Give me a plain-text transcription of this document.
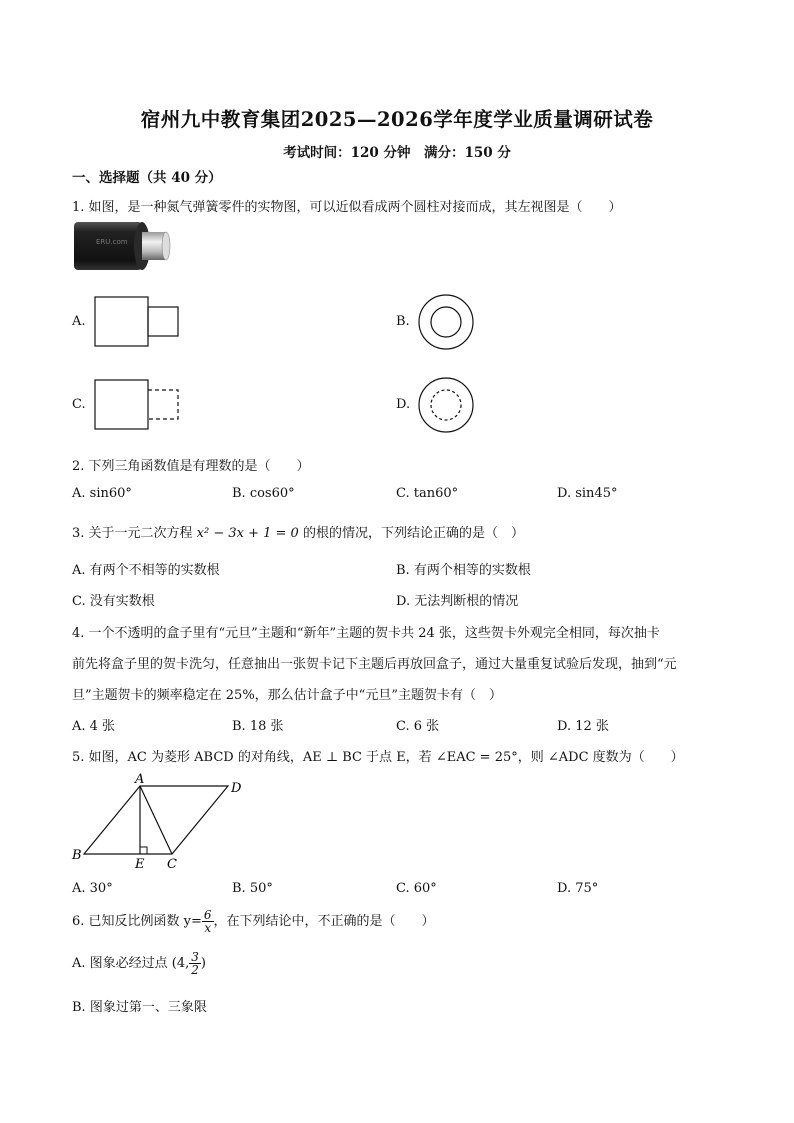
宿州九中教育集团2025—2026学年度学业质量调研试卷
考试时间：120 分钟　满分：150 分
一、选择题（共 40 分）
1. 如图，是一种氮气弹簧零件的实物图，可以近似看成两个圆柱对接而成，其左视图是（　　）
ERU.com
A.	B.
C.	D.
2. 下列三角函数值是有理数的是（　　）
A. sin60°	B. cos60°	C. tan60°	D. sin45°
3. 关于一元二次方程 x² − 3x + 1 = 0 的根的情况，下列结论正确的是（　）
A. 有两个不相等的实数根	B. 有两个相等的实数根
C. 没有实数根	D. 无法判断根的情况
4. 一个不透明的盒子里有“元旦”主题和“新年”主题的贺卡共 24 张，这些贺卡外观完全相同，每次抽卡
前先将盒子里的贺卡洗匀，任意抽出一张贺卡记下主题后再放回盒子，通过大量重复试验后发现，抽到“元
旦”主题贺卡的频率稳定在 25%，那么估计盒子中“元旦”主题贺卡有（　）
A. 4 张	B. 18 张	C. 6 张	D. 12 张
5. 如图，AC 为菱形 ABCD 的对角线，AE ⊥ BC 于点 E，若 ∠EAC = 25°，则 ∠ADC 度数为（　　）
A
D
B
E C
A. 30°	B. 50°	C. 60°	D. 75°
6. 已知反比例函数 $y= \frac{6}{x}$ ，在下列结论中，不正确的是（　　）
A. 图象必经过点 (4, $\frac{3}{2}$ )
B. 图象过第一、三象限
